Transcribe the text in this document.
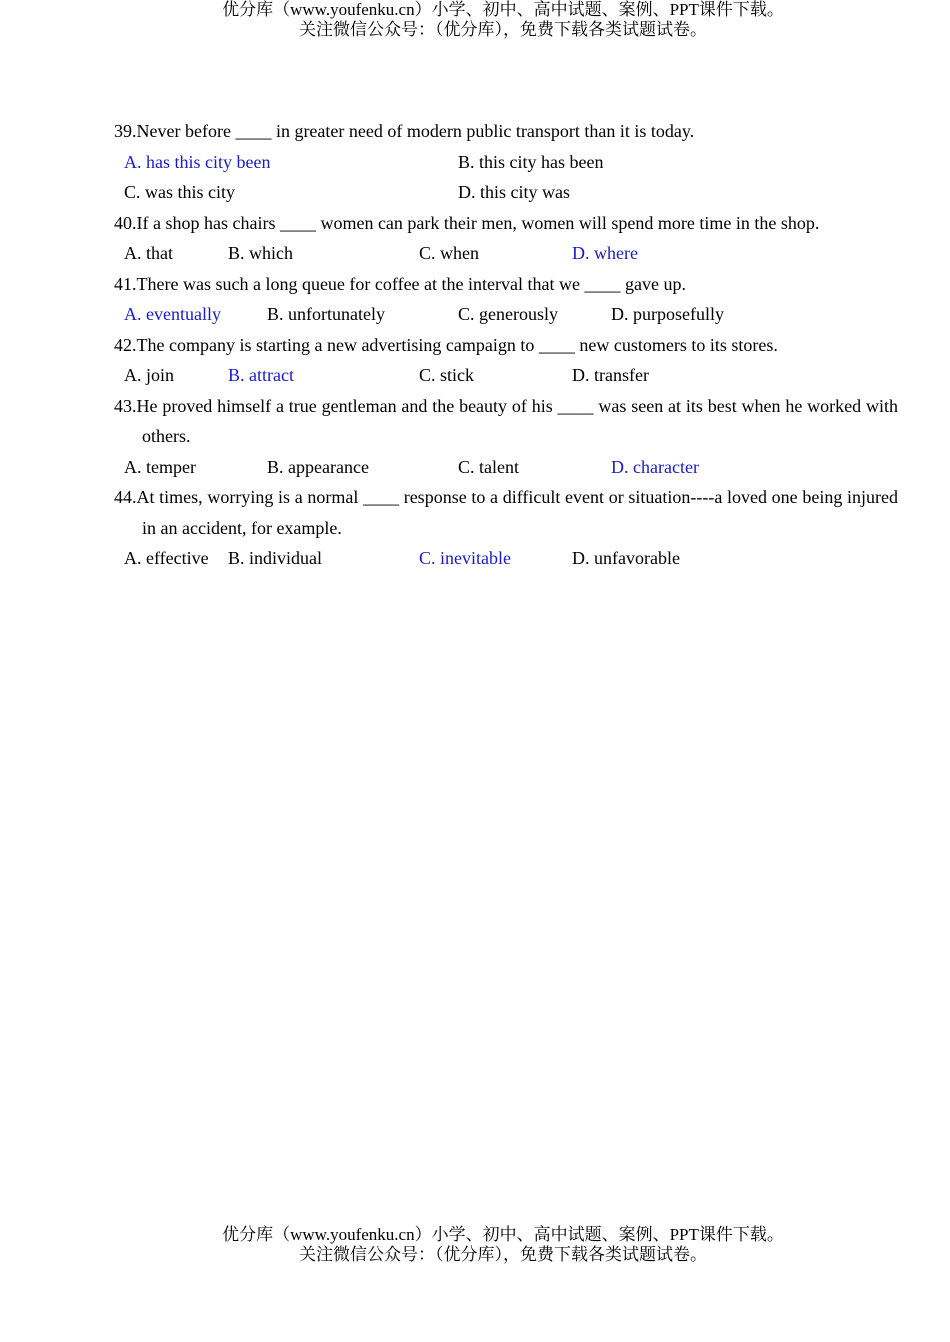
优分库（www.youfenku.cn）小学、初中、高中试题、案例、PPT课件下载。
关注微信公众号：（优分库），免费下载各类试题试卷。
39.Never before ____ in greater need of modern public transport than it is today.
A. has this city been	B. this city has been
C. was this city	D. this city was
40.If a shop has chairs ____ women can park their men, women will spend more time in the shop.
A. that	B. which	C. when	D. where
41.There was such a long queue for coffee at the interval that we ____ gave up.
A. eventually	B. unfortunately	C. generously	D. purposefully
42.The company is starting a new advertising campaign to ____ new customers to its stores.
A. join	B. attract	C. stick	D. transfer
43.He proved himself a true gentleman and the beauty of his ____ was seen at its best when he worked with others.
A. temper	B. appearance	C. talent	D. character
44.At times, worrying is a normal ____ response to a difficult event or situation----a loved one being injured in an accident, for example.
A. effective B. individual	C. inevitable	D. unfavorable
优分库（www.youfenku.cn）小学、初中、高中试题、案例、PPT课件下载。
关注微信公众号：（优分库），免费下载各类试题试卷。
